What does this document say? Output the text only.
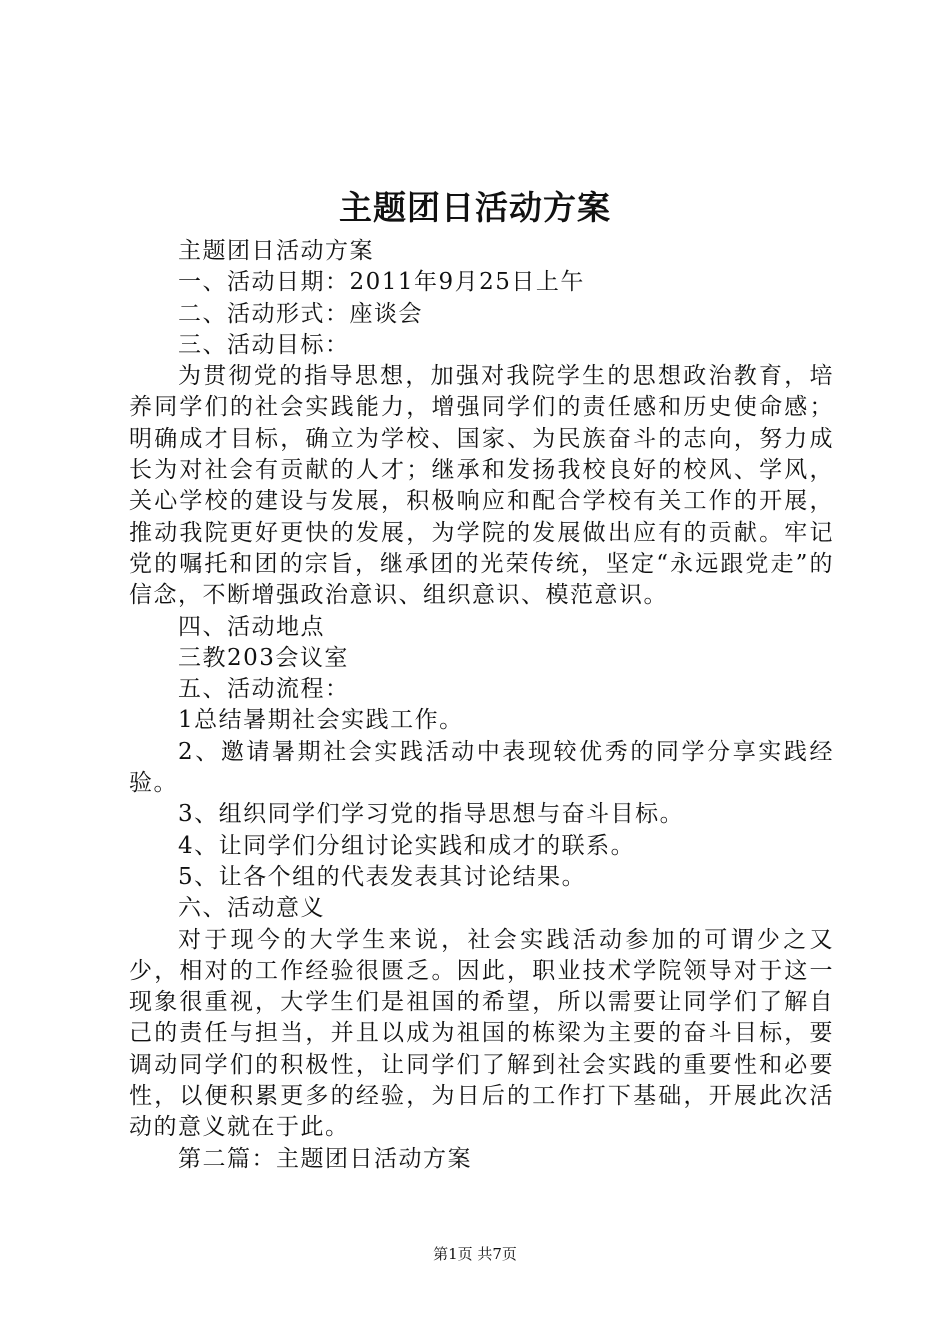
主题团日活动方案

主题团日活动方案

一、活动日期：2011年9月25日上午

二、活动形式：座谈会

三、活动目标：

为贯彻党的指导思想，加强对我院学生的思想政治教育，培养同学们的社会实践能力，增强同学们的责任感和历史使命感；明确成才目标，确立为学校、国家、为民族奋斗的志向，努力成长为对社会有贡献的人才；继承和发扬我校良好的校风、学风，关心学校的建设与发展，积极响应和配合学校有关工作的开展，推动我院更好更快的发展，为学院的发展做出应有的贡献。牢记党的嘱托和团的宗旨，继承团的光荣传统，坚定“永远跟党走”的信念，不断增强政治意识、组织意识、模范意识。

四、活动地点

三教203会议室

五、活动流程：

1总结暑期社会实践工作。

2、邀请暑期社会实践活动中表现较优秀的同学分享实践经验。

3、组织同学们学习党的指导思想与奋斗目标。

4、让同学们分组讨论实践和成才的联系。

5、让各个组的代表发表其讨论结果。

六、活动意义

对于现今的大学生来说，社会实践活动参加的可谓少之又少，相对的工作经验很匮乏。因此，职业技术学院领导对于这一现象很重视，大学生们是祖国的希望，所以需要让同学们了解自己的责任与担当，并且以成为祖国的栋梁为主要的奋斗目标，要调动同学们的积极性，让同学们了解到社会实践的重要性和必要性，以便积累更多的经验，为日后的工作打下基础，开展此次活动的意义就在于此。

第二篇：主题团日活动方案

第1页 共7页
